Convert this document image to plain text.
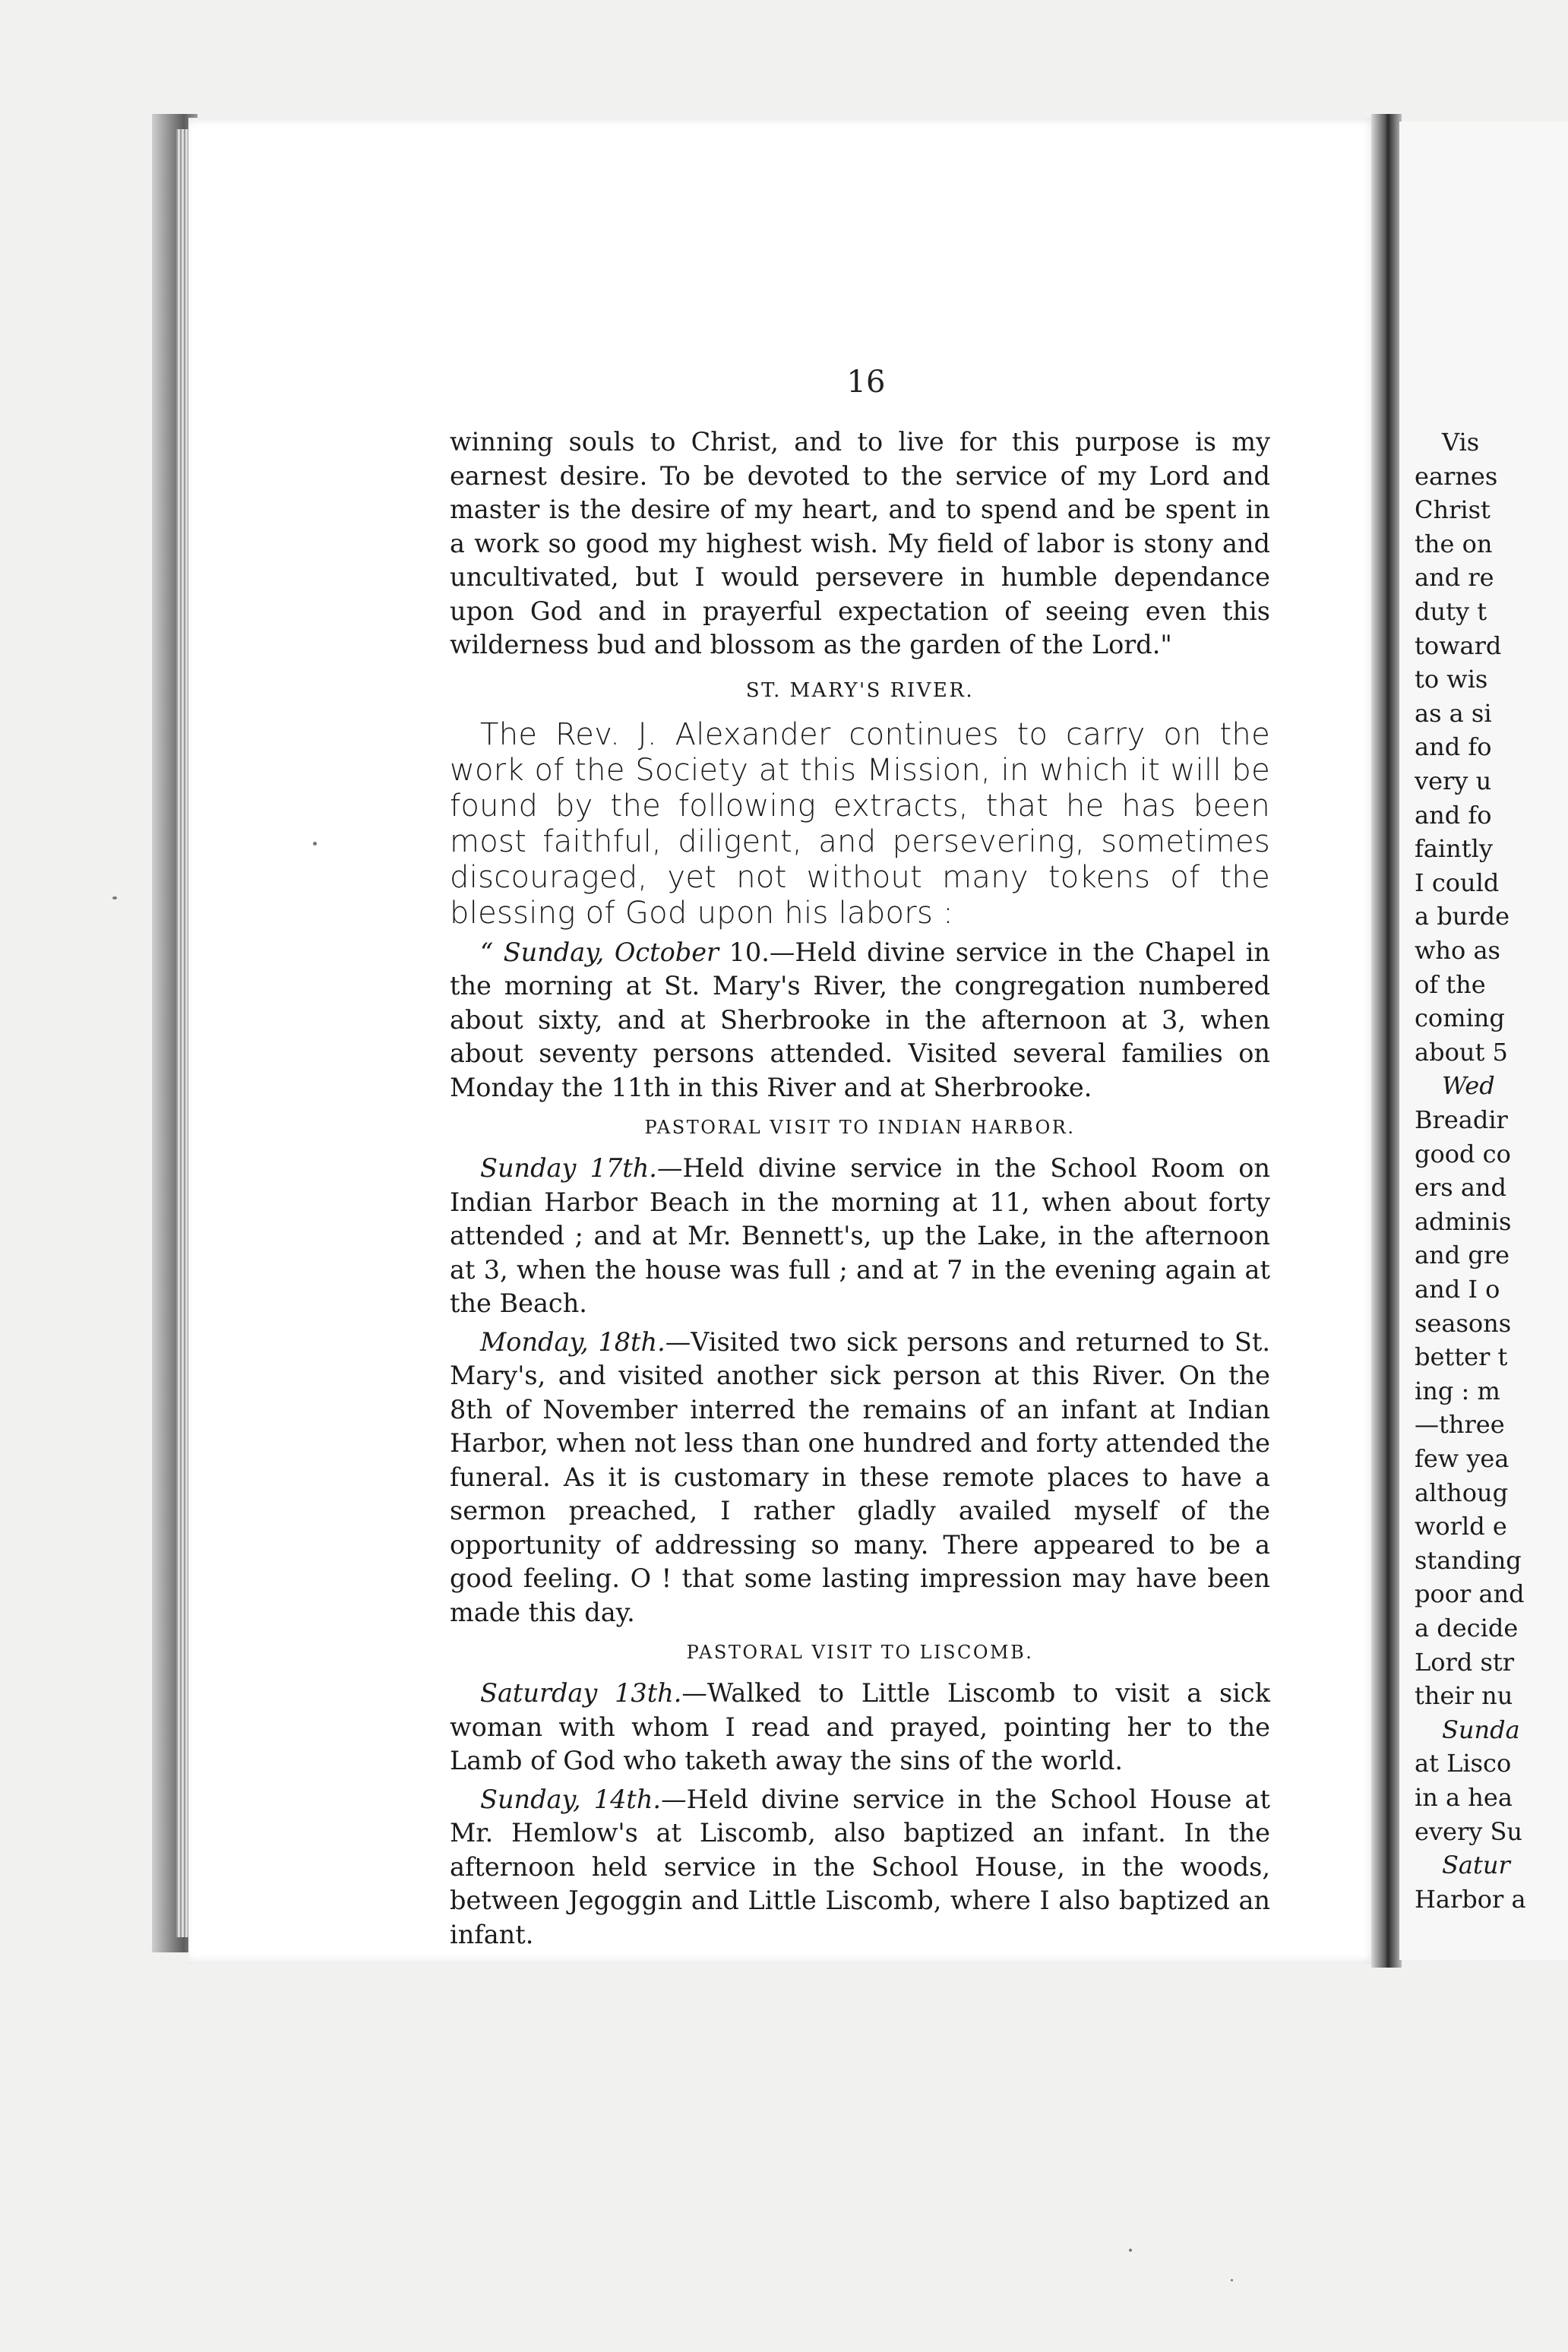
Vis
earnes
Christ
the on
and re
duty t
toward
to wis
as a si
and fo
very u
and fo
faintly
I could
a burde
who as
of the
coming
about 5
Wed
Breadir
good co
ers and
adminis
and gre
and I o
seasons
better t
ing : m
—three
few yea
althoug
world e
standing
poor and
a decide
Lord str
their nu
Sunda
at Lisco
in a hea
every Su
Satur
Harbor a
16

winning souls to Christ, and to live for this purpose is my earnest desire. To be devoted to the service of my Lord and master is the desire of my heart, and to spend and be spent in a work so good my highest wish. My field of labor is stony and uncultivated, but I would persevere in humble dependance upon God and in prayerful expectation of seeing even this wilderness bud and blossom as the garden of the Lord."

ST. MARY'S RIVER.

The Rev. J. Alexander continues to carry on the work of the Society at this Mission, in which it will be found by the following extracts, that he has been most faithful, diligent, and persevering, sometimes discouraged, yet not without many tokens of the blessing of God upon his labors :

“ Sunday, October 10.—Held divine service in the Chapel in the morning at St. Mary's River, the congregation numbered about sixty, and at Sherbrooke in the afternoon at 3, when about seventy persons attended. Visited several families on Monday the 11th in this River and at Sherbrooke.

PASTORAL VISIT TO INDIAN HARBOR.

Sunday 17th.—Held divine service in the School Room on Indian Harbor Beach in the morning at 11, when about forty attended ; and at Mr. Bennett's, up the Lake, in the afternoon at 3, when the house was full ; and at 7 in the evening again at the Beach.

Monday, 18th.—Visited two sick persons and returned to St. Mary's, and visited another sick person at this River. On the 8th of November interred the remains of an infant at Indian Harbor, when not less than one hundred and forty attended the funeral. As it is customary in these remote places to have a sermon preached, I rather gladly availed myself of the opportunity of addressing so many. There appeared to be a good feeling. O ! that some lasting impression may have been made this day.

PASTORAL VISIT TO LISCOMB.

Saturday 13th.—Walked to Little Liscomb to visit a sick woman with whom I read and prayed, pointing her to the Lamb of God who taketh away the sins of the world.

Sunday, 14th.—Held divine service in the School House at Mr. Hemlow's at Liscomb, also baptized an infant. In the afternoon held service in the School House, in the woods, between Jegoggin and Little Liscomb, where I also baptized an infant.
